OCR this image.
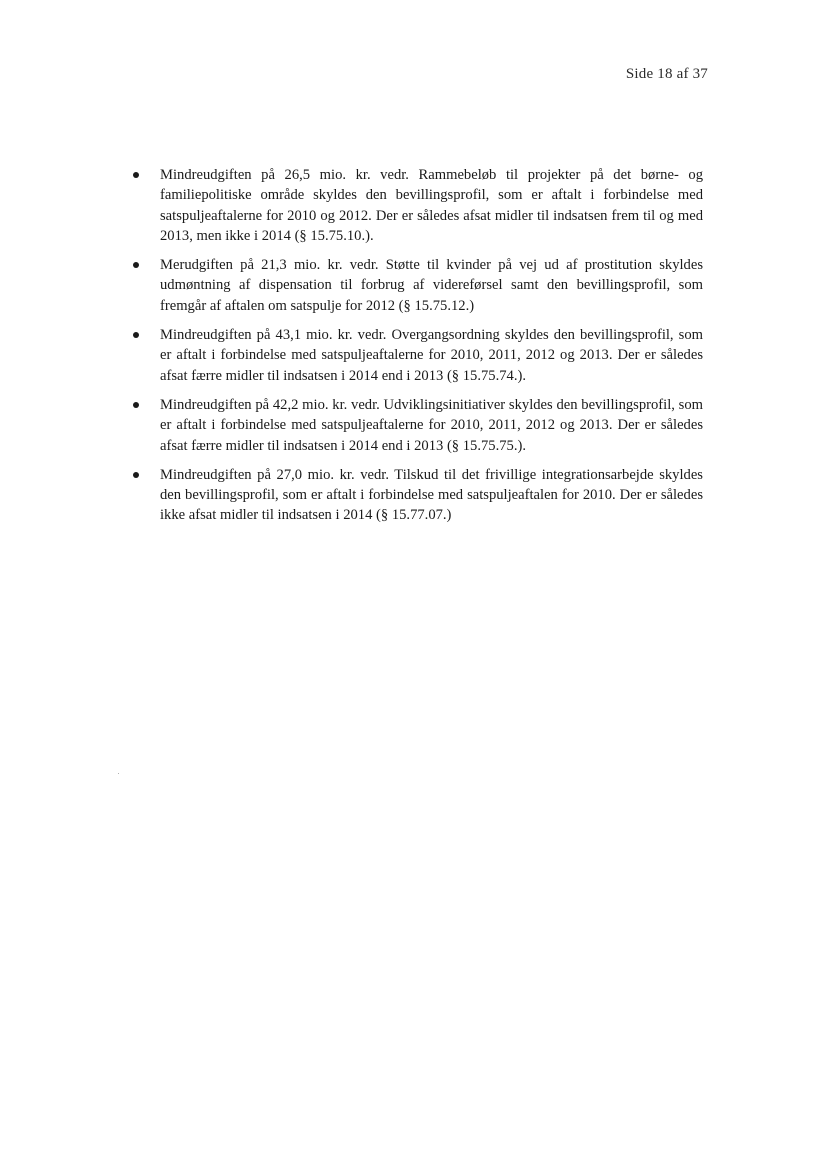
Side 18 af 37
Mindreudgiften på 26,5 mio. kr. vedr. Rammebeløb til projekter på det børne- og familiepolitiske område skyldes den bevillingsprofil, som er aftalt i forbindelse med satspuljeaftalerne for 2010 og 2012. Der er således afsat midler til indsatsen frem til og med 2013, men ikke i 2014 (§ 15.75.10.).
Merudgiften på 21,3 mio. kr. vedr. Støtte til kvinder på vej ud af prostitution skyldes udmøntning af dispensation til forbrug af videreførsel samt den bevillingsprofil, som fremgår af aftalen om satspulje for 2012 (§ 15.75.12.)
Mindreudgiften på 43,1 mio. kr. vedr. Overgangsordning skyldes den bevillingsprofil, som er aftalt i forbindelse med satspuljeaftalerne for 2010, 2011, 2012 og 2013. Der er således afsat færre midler til indsatsen i 2014 end i 2013 (§ 15.75.74.).
Mindreudgiften på 42,2 mio. kr. vedr. Udviklingsinitiativer skyldes den bevillingsprofil, som er aftalt i forbindelse med satspuljeaftalerne for 2010, 2011, 2012 og 2013. Der er således afsat færre midler til indsatsen i 2014 end i 2013 (§ 15.75.75.).
Mindreudgiften på 27,0 mio. kr. vedr. Tilskud til det frivillige integrationsarbejde skyldes den bevillingsprofil, som er aftalt i forbindelse med satspuljeaftalen for 2010. Der er således ikke afsat midler til indsatsen i 2014 (§ 15.77.07.)
